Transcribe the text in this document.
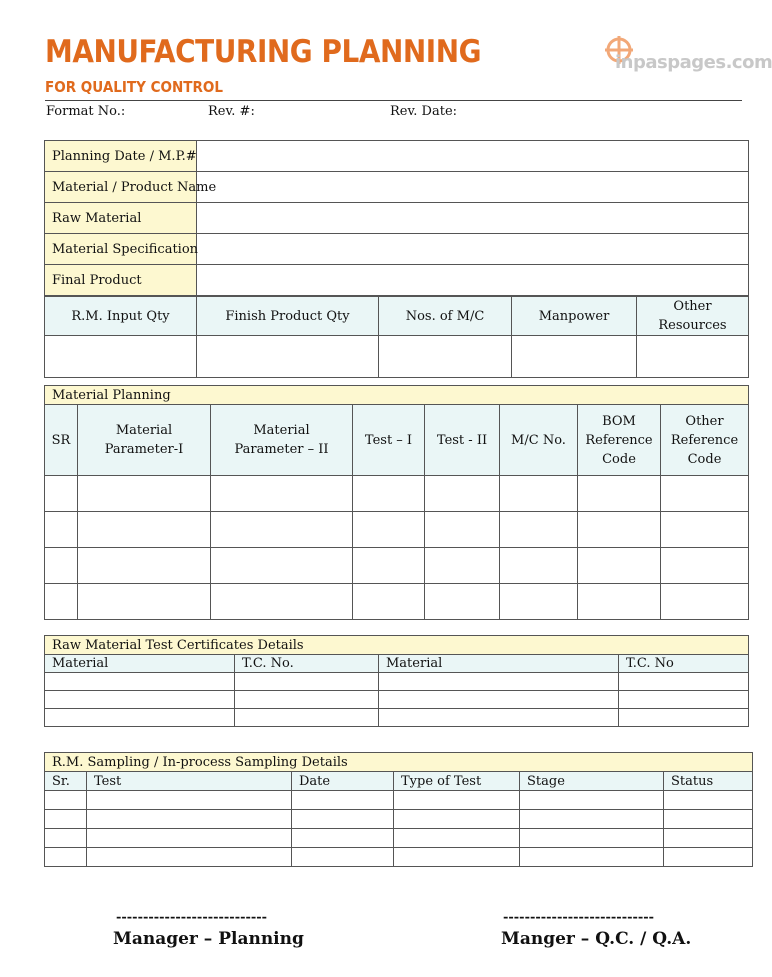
MANUFACTURING PLANNING
FOR QUALITY CONTROL
inpaspages.com
Format No.:	Rev. #:	Rev. Date:
Planning Date / M.P.#	
Material / Product Name	
Raw Material	
Material Specification	
Final Product	
R.M. Input Qty	Finish Product Qty	Nos. of M/C	Manpower	Other Resources

Material Planning							
SR	Material Parameter-I	Material Parameter – II	Test – I	Test - II	M/C No.	BOM Reference Code	Other Reference Code

Raw Material Test Certificates Details			
Material	T.C. No.	Material	T.C. No

R.M. Sampling / In-process Sampling Details					
Sr.	Test	Date	Type of Test	Stage	Status

----------------------------
Manager – Planning
----------------------------
Manger – Q.C. / Q.A.
